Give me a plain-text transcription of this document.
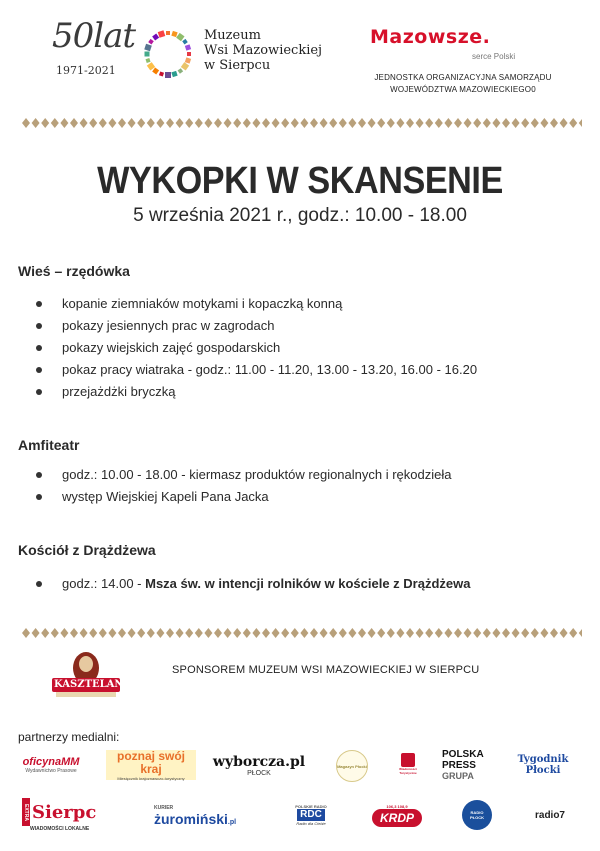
50lat
1971-2021
Muzeum
Wsi Mazowieckiej
w Sierpcu
Mazowsze.
serce Polski
JEDNOSTKA ORGANIZACYJNA SAMORZĄDU
WOJEWÓDZTWA MAZOWIECKIEGO0
WYKOPKI W SKANSENIE
5 września 2021 r., godz.: 10.00 - 18.00
Wieś – rzędówka
kopanie ziemniaków motykami i kopaczką konną
pokazy jesiennych prac w zagrodach
pokazy wiejskich zajęć gospodarskich
pokaz pracy wiatraka - godz.: 11.00 - 11.20, 13.00 - 13.20, 16.00 - 16.20
przejażdżki bryczką
Amfiteatr
godz.: 10.00 - 18.00 - kiermasz produktów regionalnych i rękodzieła
występ Wiejskiej Kapeli Pana Jacka
Kościół z Drążdżewa
godz.: 14.00 - Msza św. w intencji rolników w kościele z Drążdżewa
KASZTELAN
SPONSOREM MUZEUM WSI MAZOWIECKIEJ W SIERPCU
partnerzy medialni:
oficynaMM
Wydawnictwo Prasowe
poznaj swój kraj
Miesięcznik krajoznawczo-turystyczny
wyborcza.pl
PŁOCK
Magazyn Płocki
Wiadomości Turystyczne
POLSKA PRESS
GRUPA
Tygodnik Płocki
EXTRA Sierpc
WIADOMOŚCI LOKALNE
KURIER
żuromiński .pl
POLSKIE RADIO
RDC
Radio dla Ciebie
106,3 108,9
KRDP	RADIO PŁOCK	radio7
